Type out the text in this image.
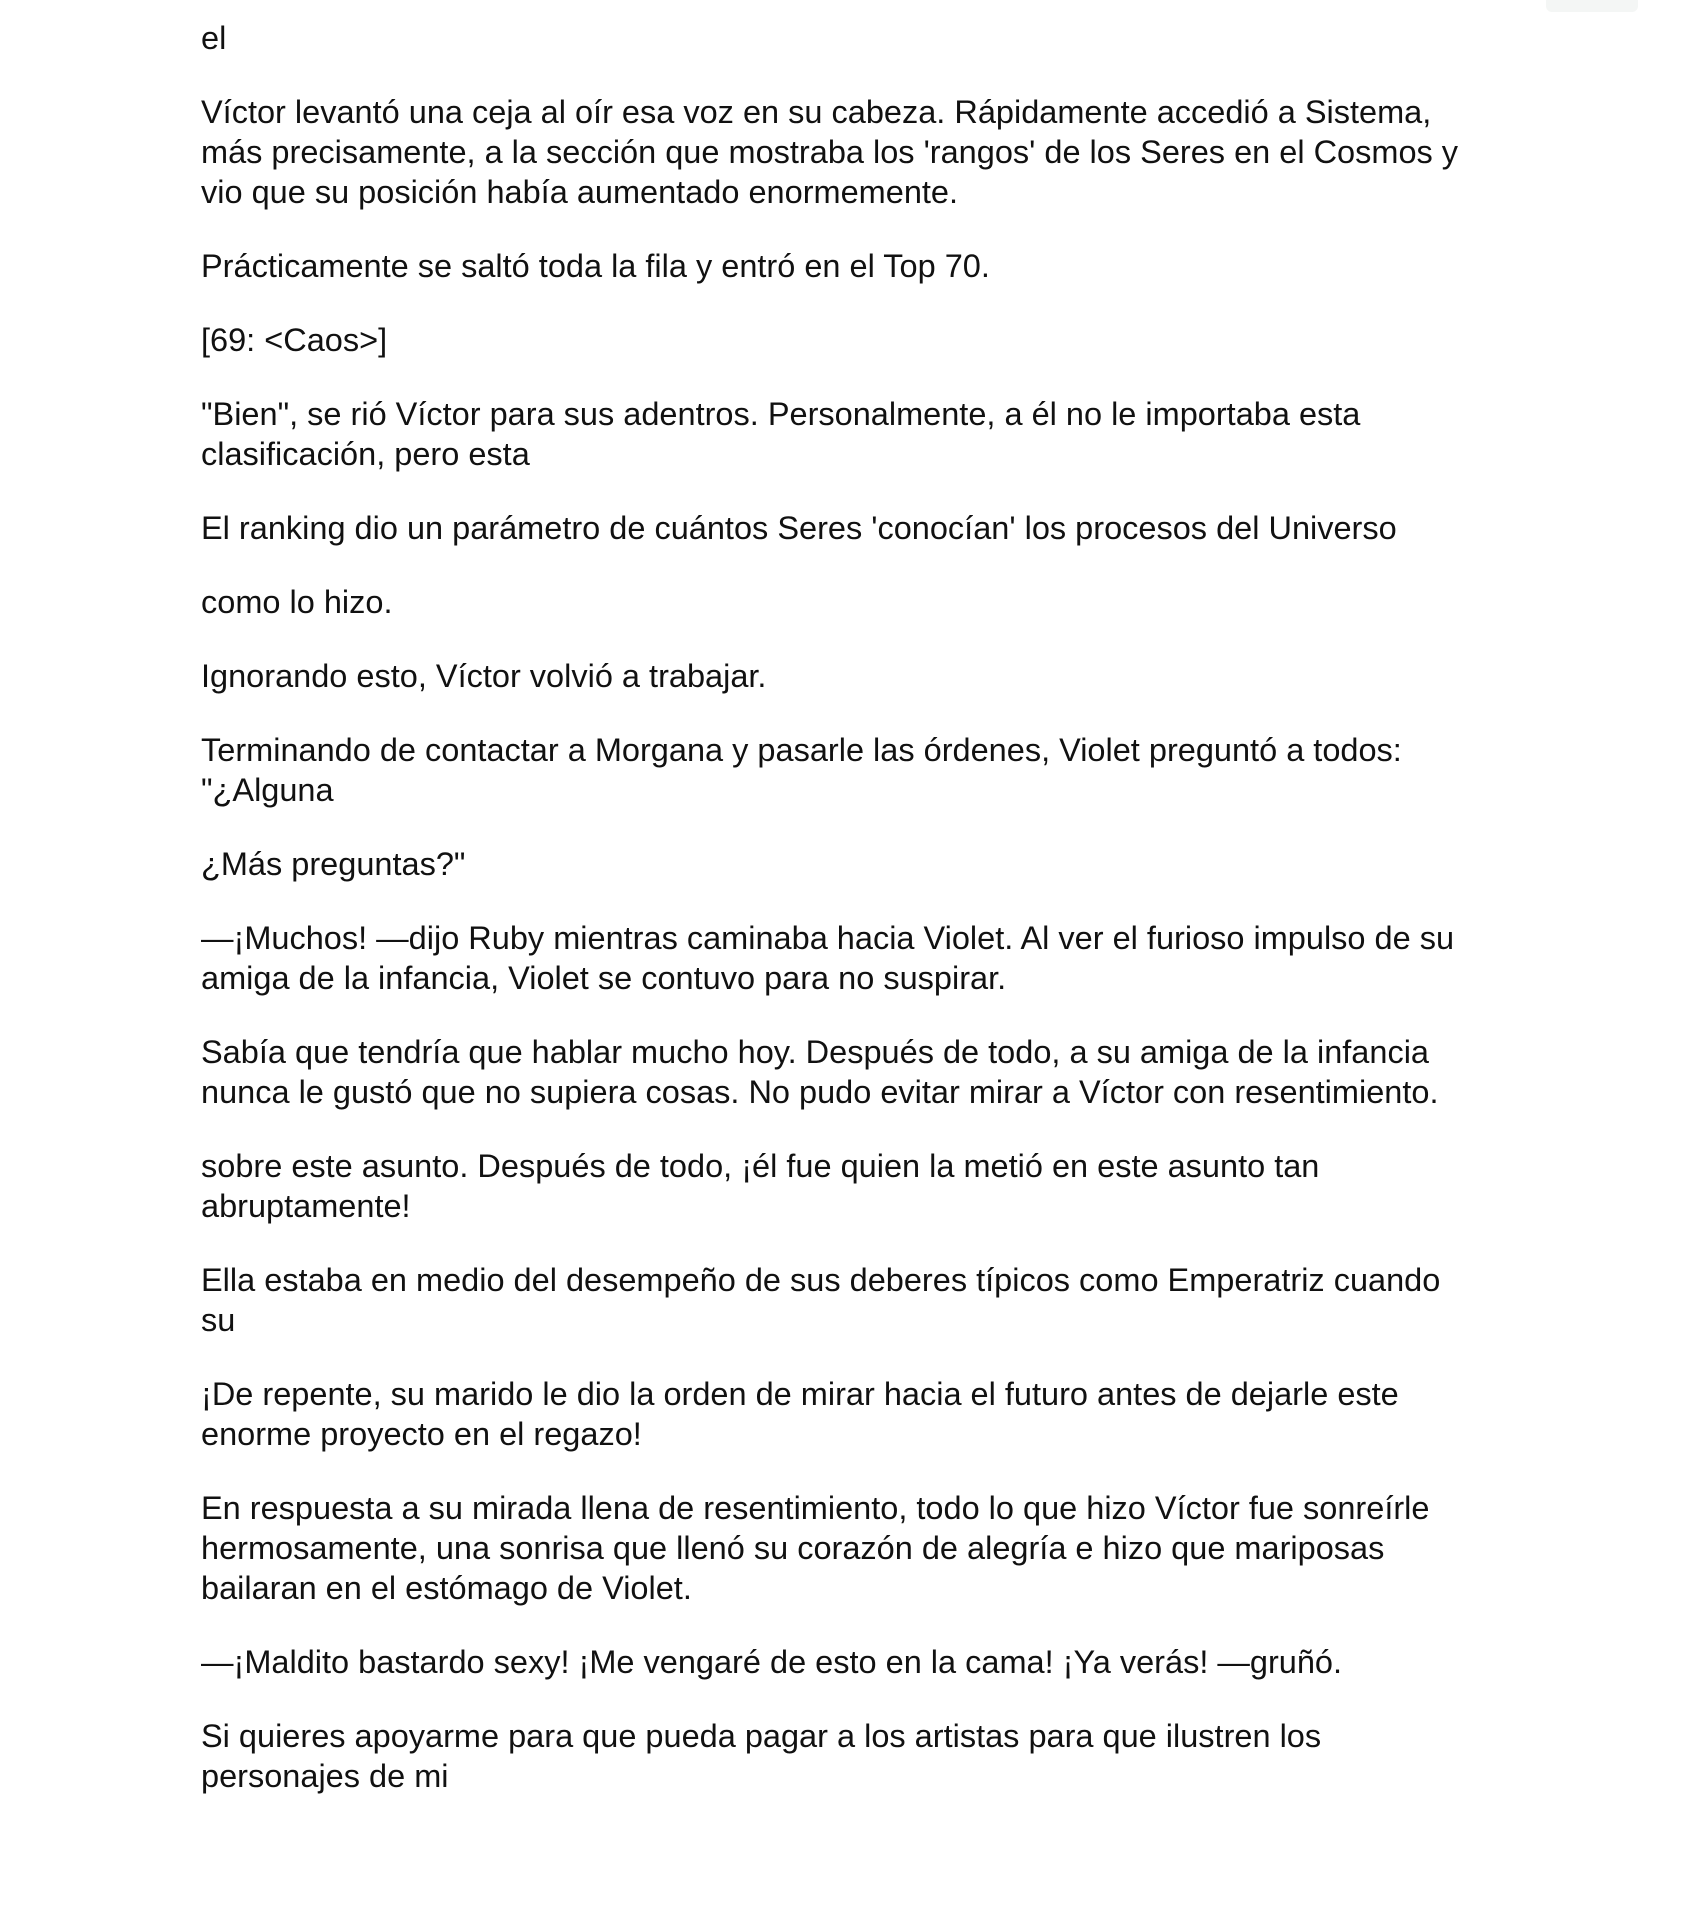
el

Víctor levantó una ceja al oír esa voz en su cabeza. Rápidamente accedió a Sistema,
más precisamente, a la sección que mostraba los 'rangos' de los Seres en el Cosmos y
vio que su posición había aumentado enormemente.

Prácticamente se saltó toda la fila y entró en el Top 70.

[69: <Caos>]

"Bien", se rió Víctor para sus adentros. Personalmente, a él no le importaba esta
clasificación, pero esta

El ranking dio un parámetro de cuántos Seres 'conocían' los procesos del Universo

como lo hizo.

Ignorando esto, Víctor volvió a trabajar.

Terminando de contactar a Morgana y pasarle las órdenes, Violet preguntó a todos:
"¿Alguna

¿Más preguntas?"

—¡Muchos! —dijo Ruby mientras caminaba hacia Violet. Al ver el furioso impulso de su
amiga de la infancia, Violet se contuvo para no suspirar.

Sabía que tendría que hablar mucho hoy. Después de todo, a su amiga de la infancia
nunca le gustó que no supiera cosas. No pudo evitar mirar a Víctor con resentimiento.

sobre este asunto. Después de todo, ¡él fue quien la metió en este asunto tan
abruptamente!

Ella estaba en medio del desempeño de sus deberes típicos como Emperatriz cuando
su

¡De repente, su marido le dio la orden de mirar hacia el futuro antes de dejarle este
enorme proyecto en el regazo!

En respuesta a su mirada llena de resentimiento, todo lo que hizo Víctor fue sonreírle
hermosamente, una sonrisa que llenó su corazón de alegría e hizo que mariposas
bailaran en el estómago de Violet.

—¡Maldito bastardo sexy! ¡Me vengaré de esto en la cama! ¡Ya verás! —gruñó.

Si quieres apoyarme para que pueda pagar a los artistas para que ilustren los
personajes de mi
